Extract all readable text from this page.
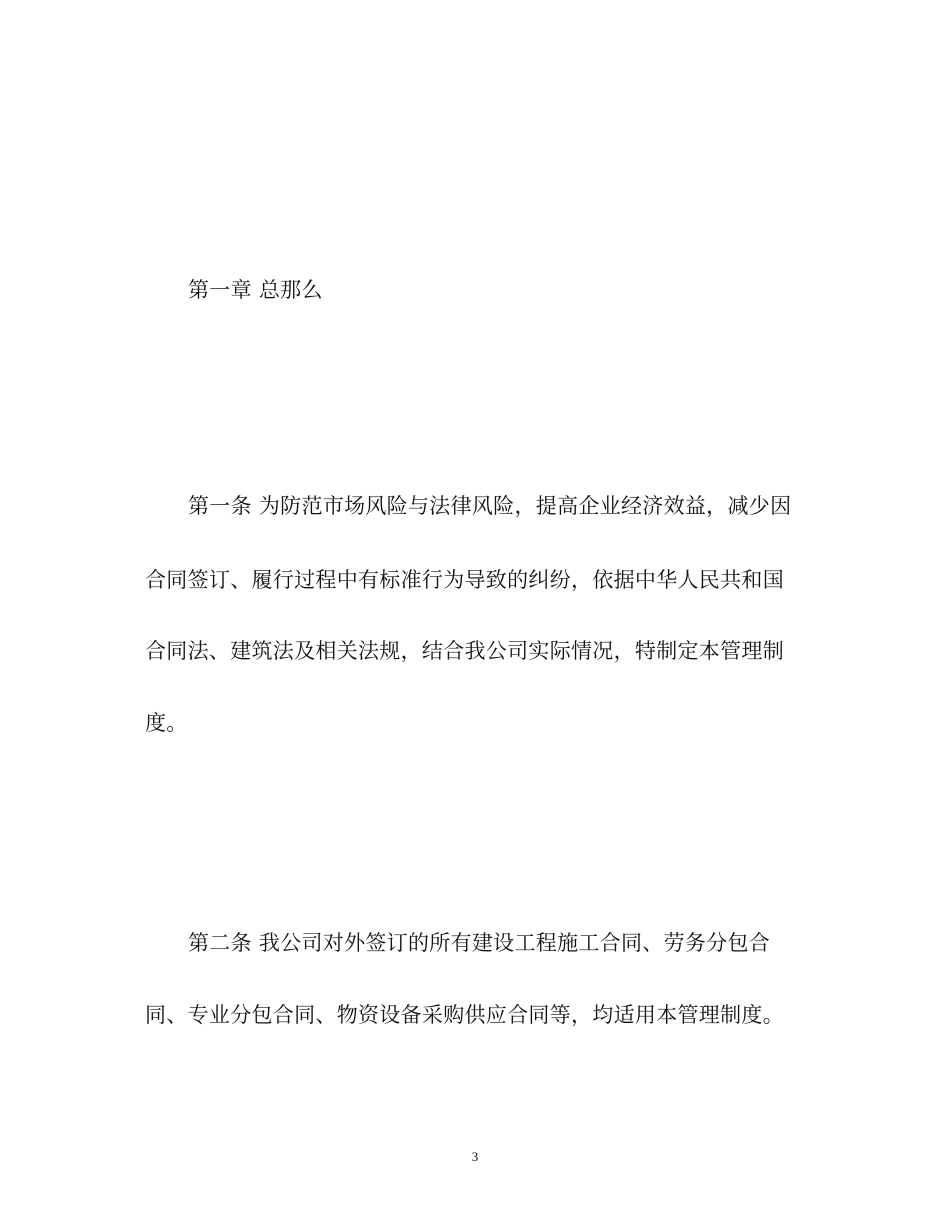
第一章 总那么
第一条 为防范市场风险与法律风险，提高企业经济效益，减少因
合同签订、履行过程中有标准行为导致的纠纷，依据中华人民共和国
合同法、建筑法及相关法规，结合我公司实际情况，特制定本管理制
度。
第二条 我公司对外签订的所有建设工程施工合同、劳务分包合
同、专业分包合同、物资设备采购供应合同等，均适用本管理制度。
3
